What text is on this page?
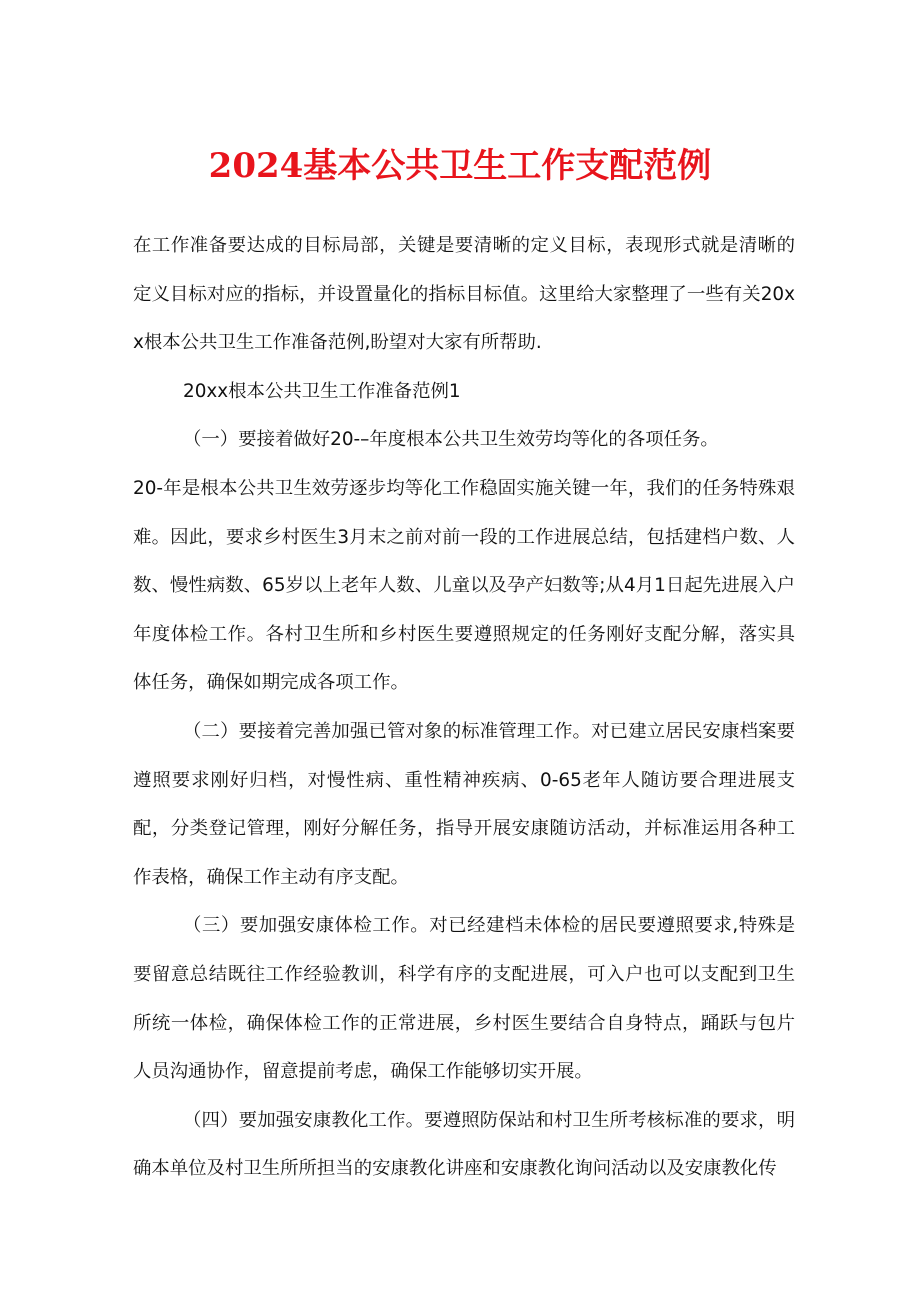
2024基本公共卫生工作支配范例

在工作准备要达成的目标局部，关键是要清晰的定义目标，表现形式就是清晰的定义目标对应的指标，并设置量化的指标目标值。这里给大家整理了一些有关20xx根本公共卫生工作准备范例,盼望对大家有所帮助.

20xx根本公共卫生工作准备范例1

（一）要接着做好20-–年度根本公共卫生效劳均等化的各项任务。

20-年是根本公共卫生效劳逐步均等化工作稳固实施关键一年，我们的任务特殊艰难。因此，要求乡村医生3月末之前对前一段的工作进展总结，包括建档户数、人数、慢性病数、65岁以上老年人数、儿童以及孕产妇数等;从4月1日起先进展入户年度体检工作。各村卫生所和乡村医生要遵照规定的任务刚好支配分解，落实具体任务，确保如期完成各项工作。

（二）要接着完善加强已管对象的标准管理工作。对已建立居民安康档案要遵照要求刚好归档，对慢性病、重性精神疾病、0-65老年人随访要合理进展支配，分类登记管理，刚好分解任务，指导开展安康随访活动，并标准运用各种工作表格，确保工作主动有序支配。

（三）要加强安康体检工作。对已经建档未体检的居民要遵照要求,特殊是要留意总结既往工作经验教训，科学有序的支配进展，可入户也可以支配到卫生所统一体检，确保体检工作的正常进展，乡村医生要结合自身特点，踊跃与包片人员沟通协作，留意提前考虑，确保工作能够切实开展。

（四）要加强安康教化工作。要遵照防保站和村卫生所考核标准的要求，明确本单位及村卫生所所担当的安康教化讲座和安康教化询问活动以及安康教化传
